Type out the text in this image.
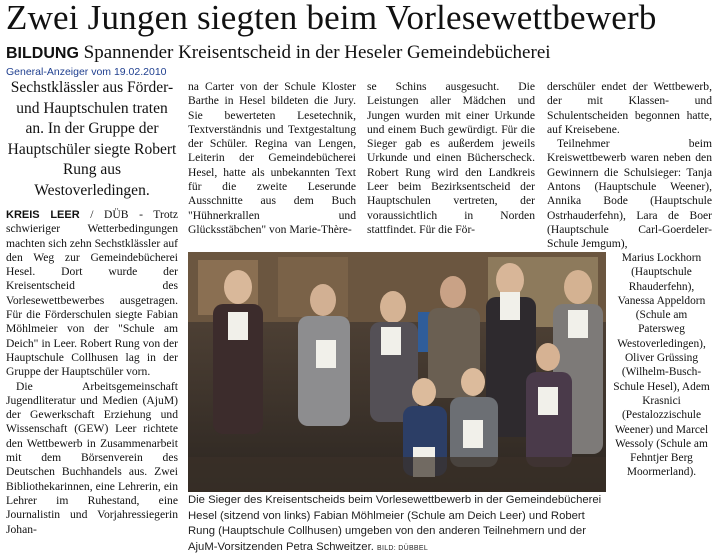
Zwei Jungen siegten beim Vorlesewettbewerb
BILDUNG Spannender Kreisentscheid in der Heseler Gemeindebücherei
General-Anzeiger vom 19.02.2010
Sechstklässler aus Förder- und Hauptschulen traten an. In der Gruppe der Hauptschüler siegte Robert Rung aus Westoverledingen.

KREIS LEER / DÜB - Trotz schwieriger Wetterbedingungen machten sich zehn Sechstklässler auf den Weg zur Gemeindebücherei Hesel. Dort wurde der Kreisentscheid des Vorlesewettbewerbes ausgetragen. Für die Förderschulen siegte Fabian Möhlmeier von der "Schule am Deich" in Leer. Robert Rung von der Hauptschule Collhusen lag in der Gruppe der Hauptschüler vorn.

Die Arbeitsgemeinschaft Jugendliteratur und Medien (AjuM) der Gewerkschaft Erziehung und Wissenschaft (GEW) Leer richtete den Wettbewerb in Zusammenarbeit mit dem Börsenverein des Deutschen Buchhandels aus. Zwei Bibliothekarinnen, eine Lehrerin, ein Lehrer im Ruhestand, eine Journalistin und Vorjahressiegerin Johan-

na Carter von der Schule Kloster Barthe in Hesel bildeten die Jury. Sie bewerteten Lesetechnik, Textverständnis und Textgestaltung der Schüler. Regina van Lengen, Leiterin der Gemeindebücherei Hesel, hatte als unbekannten Text für die zweite Leserunde Ausschnitte aus dem Buch "Hühnerkrallen und Glücksstäbchen" von Marie-Thère-

se Schins ausgesucht. Die Leistungen aller Mädchen und Jungen wurden mit einer Urkunde und einem Buch gewürdigt. Für die Sieger gab es außerdem jeweils Urkunde und einen Bücherscheck. Robert Rung wird den Landkreis Leer beim Bezirksentscheid der Hauptschulen vertreten, der voraussichtlich in Norden stattfindet. Für die För-

derschüler endet der Wettbewerb, der mit Klassen- und Schulentscheiden begonnen hatte, auf Kreisebene.

Teilnehmer beim Kreiswettbewerb waren neben den Gewinnern die Schulsieger: Tanja Antons (Hauptschule Weener), Annika Bode (Hauptschule Ostrhauderfehn), Lara de Boer (Hauptschule Carl-Goerdeler-Schule Jemgum),

Marius Lockhorn (Hauptschule Rhauderfehn), Vanessa Appeldorn (Schule am Patersweg Westoverledingen), Oliver Grüssing (Wilhelm-Busch-Schule Hesel), Adem Krasnici (Pestalozzischule Weener) und Marcel Wessoly (Schule am Fehntjer Berg Moormerland).
Die Sieger des Kreisentscheids beim Vorlesewettbewerb in der Gemeindebücherei Hesel (sitzend von links) Fabian Möhlmeier (Schule am Deich Leer) und Robert Rung (Hauptschule Collhusen) umgeben von den anderen Teilnehmern und der AjuM-Vorsitzenden Petra Schweitzer. BILD: DÜBBEL
